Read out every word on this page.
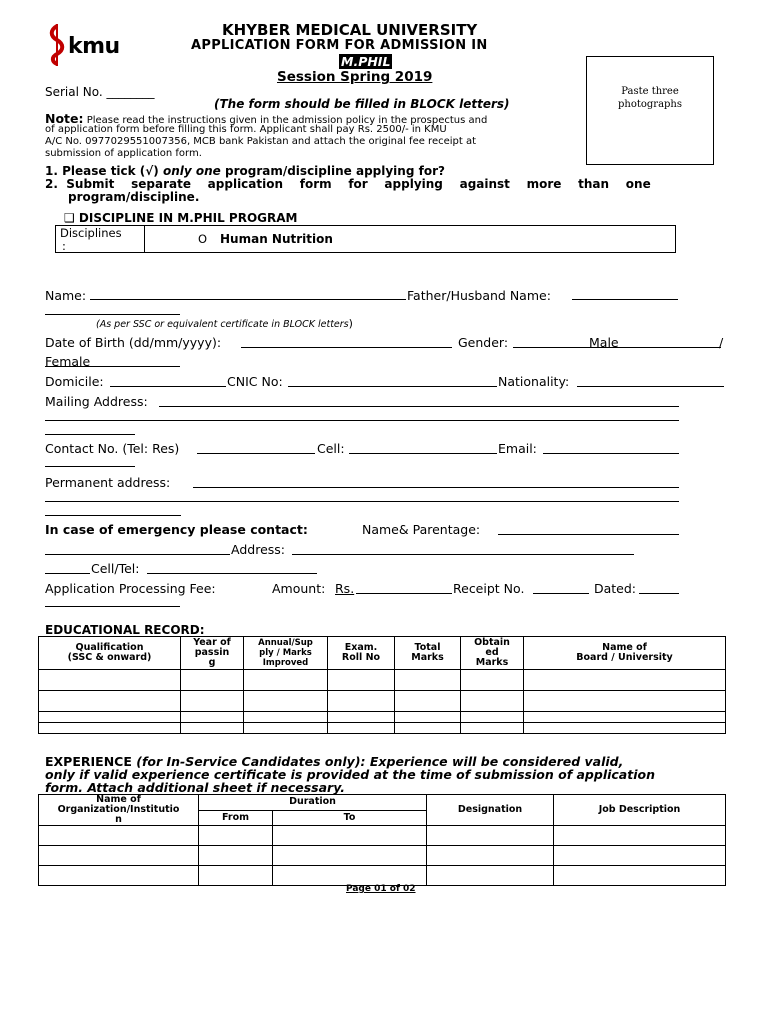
kmu
KHYBER MEDICAL UNIVERSITY
APPLICATION FORM FOR ADMISSION IN
M.PHIL
Session Spring 2019
Paste three photographs
Serial No. ________
(The form should be filled in BLOCK letters)
Note: Please read the instructions given in the admission policy in the prospectus and
of application form before filling this form. Applicant shall pay Rs. 2500/- in KMU
A/C No. 0977029551007356, MCB bank Pakistan and attach the original fee receipt at
submission of application form.
1. Please tick (√) only one program/discipline applying for?
2.  Submit    separate    application    form    for    applying    against    more    than    one
program/discipline.
❑ DISCIPLINE IN M.PHIL PROGRAM
Disciplines
:	O Human Nutrition
Name:	Father/Husband Name:
(As per SSC or equivalent certificate in BLOCK letters)
Date of Birth (dd/mm/yyyy):	Gender:	Male	/
Female
Domicile:	CNIC No:	Nationality:
Mailing Address:
Contact No. (Tel: Res)	Cell:	Email:
Permanent address:
In case of emergency please contact:	Name& Parentage:
Address:
Cell/Tel:
Application Processing Fee:	Amount: Rs.	Receipt No.	Dated:
EDUCATIONAL RECORD:
Qualification
(SSC & onward)	Year of
passin
g	Annual/Sup
ply / Marks
Improved	Exam.
Roll No	Total
Marks	Obtain
ed
Marks	Name of
Board / University

EXPERIENCE (for In-Service Candidates only): Experience will be considered valid,
only if valid experience certificate is provided at the time of submission of application
form. Attach additional sheet if necessary.
Name of
Organization/Institutio
n	Duration		Designation	Job Description
	From	To		

Page 01 of 02
